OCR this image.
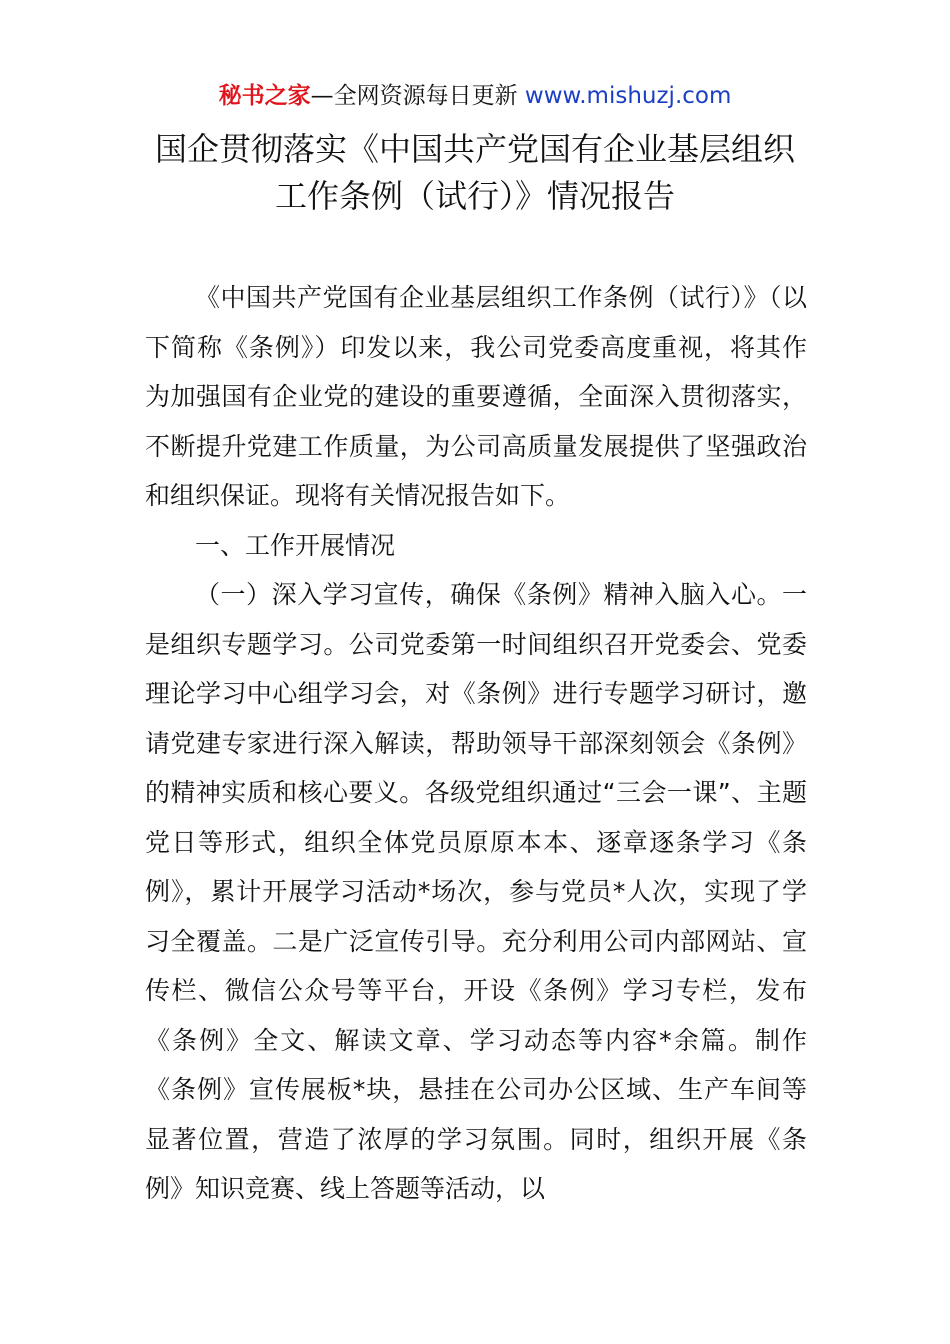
秘书之家—全网资源每日更新 www.mishuzj.com
国企贯彻落实《中国共产党国有企业基层组织
工作条例（试行）》情况报告

《中国共产党国有企业基层组织工作条例（试行）》（以下简称《条例》）印发以来，我公司党委高度重视，将其作为加强国有企业党的建设的重要遵循，全面深入贯彻落实，不断提升党建工作质量，为公司高质量发展提供了坚强政治和组织保证。现将有关情况报告如下。

一、工作开展情况

（一）深入学习宣传，确保《条例》精神入脑入心。一是组织专题学习。公司党委第一时间组织召开党委会、党委理论学习中心组学习会，对《条例》进行专题学习研讨，邀请党建专家进行深入解读，帮助领导干部深刻领会《条例》的精神实质和核心要义。各级党组织通过“三会一课”、主题党日等形式，组织全体党员原原本本、逐章逐条学习《条例》，累计开展学习活动*场次，参与党员*人次，实现了学习全覆盖。二是广泛宣传引导。充分利用公司内部网站、宣传栏、微信公众号等平台，开设《条例》学习专栏，发布《条例》全文、解读文章、学习动态等内容*余篇。制作《条例》宣传展板*块，悬挂在公司办公区域、生产车间等显著位置，营造了浓厚的学习氛围。同时，组织开展《条例》知识竞赛、线上答题等活动，以
